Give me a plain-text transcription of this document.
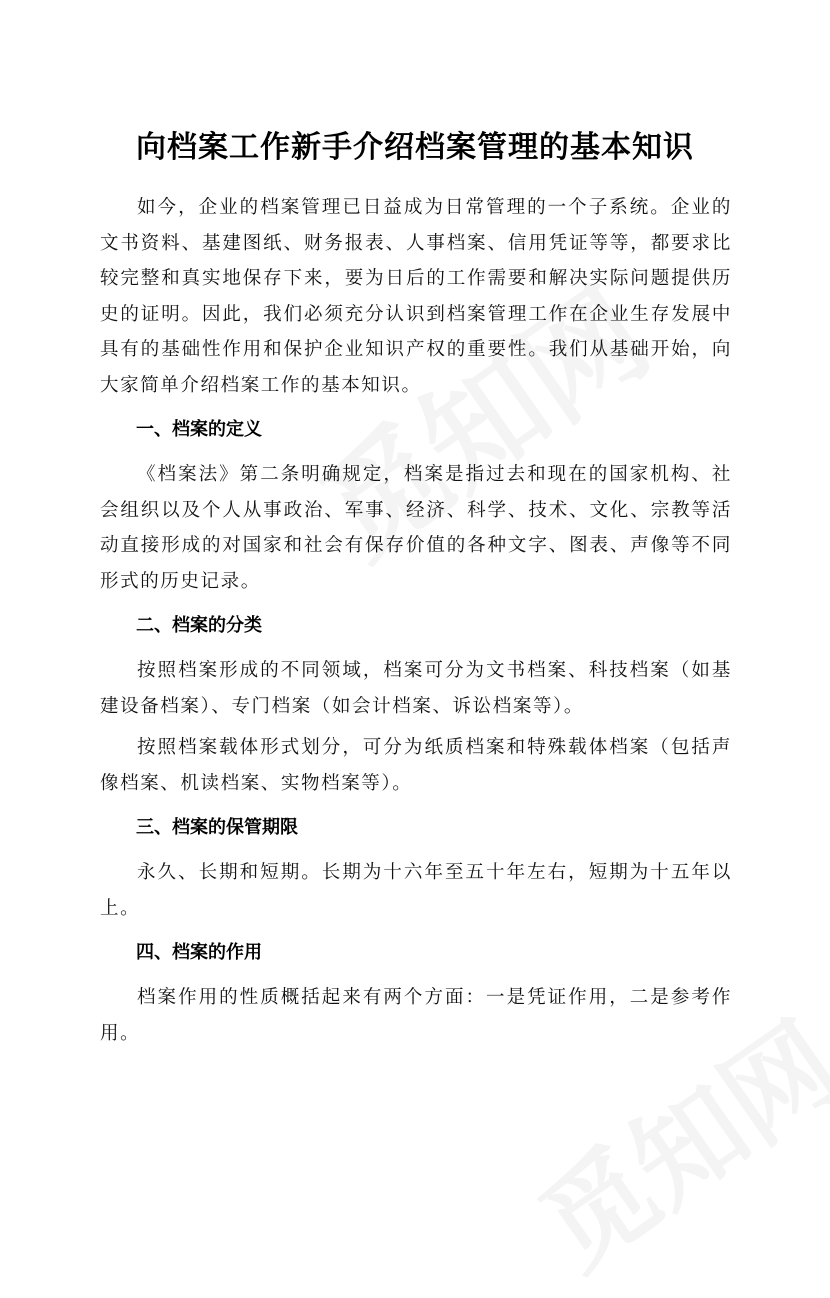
向档案工作新手介绍档案管理的基本知识

如今，企业的档案管理已日益成为日常管理的一个子系统。企业的文书资料、基建图纸、财务报表、人事档案、信用凭证等等，都要求比较完整和真实地保存下来，要为日后的工作需要和解决实际问题提供历史的证明。因此，我们必须充分认识到档案管理工作在企业生存发展中具有的基础性作用和保护企业知识产权的重要性。我们从基础开始，向大家简单介绍档案工作的基本知识。

一、档案的定义

《档案法》第二条明确规定，档案是指过去和现在的国家机构、社会组织以及个人从事政治、军事、经济、科学、技术、文化、宗教等活动直接形成的对国家和社会有保存价值的各种文字、图表、声像等不同形式的历史记录。

二、档案的分类

按照档案形成的不同领域，档案可分为文书档案、科技档案（如基建设备档案）、专门档案（如会计档案、诉讼档案等）。

按照档案载体形式划分，可分为纸质档案和特殊载体档案（包括声像档案、机读档案、实物档案等）。

三、档案的保管期限

永久、长期和短期。长期为十六年至五十年左右，短期为十五年以上。

四、档案的作用

档案作用的性质概括起来有两个方面：一是凭证作用，二是参考作用。
